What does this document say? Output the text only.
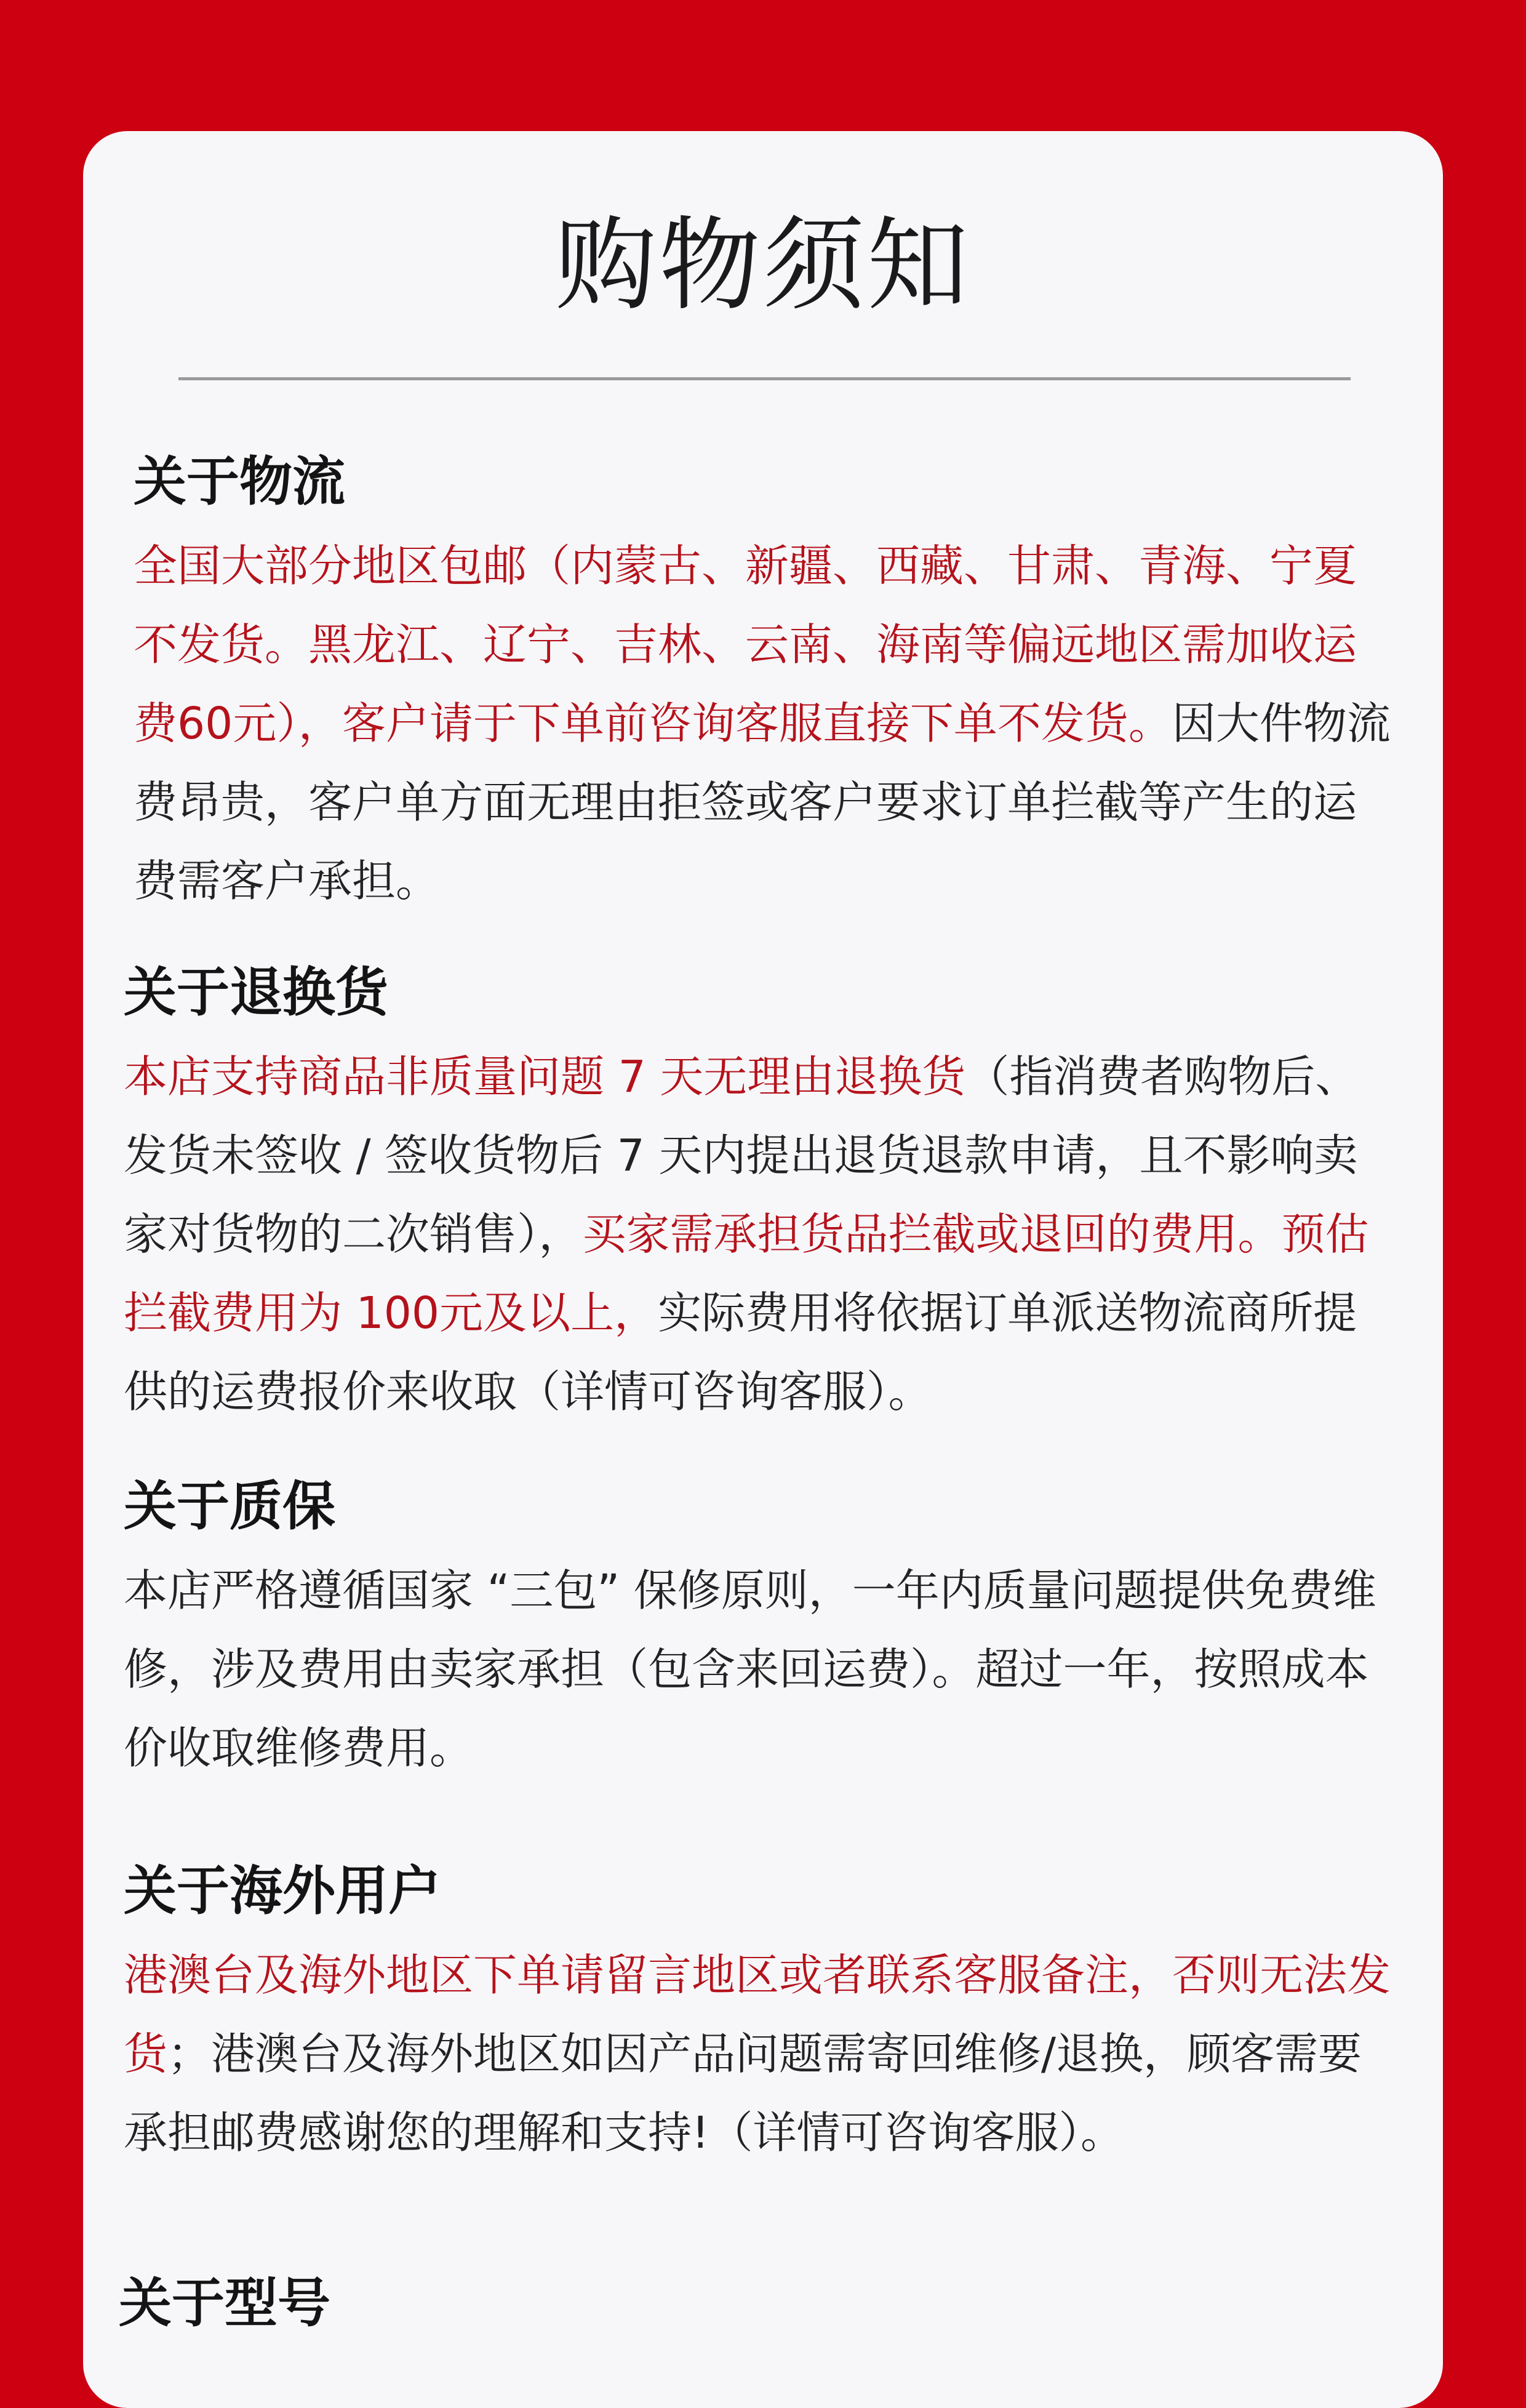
购物须知
关于物流

全国大部分地区包邮（内蒙古、新疆、西藏、甘肃、青海、宁夏不发货。黑龙江、辽宁、吉林、云南、海南等偏远地区需加收运费60元），客户请于下单前咨询客服直接下单不发货。因大件物流费昂贵，客户单方面无理由拒签或客户要求订单拦截等产生的运费需客户承担。

关于退换货

本店支持商品非质量问题 7 天无理由退换货（指消费者购物后、发货未签收 / 签收货物后 7 天内提出退货退款申请，且不影响卖家对货物的二次销售），买家需承担货品拦截或退回的费用。预估拦截费用为 100元及以上，实际费用将依据订单派送物流商所提供的运费报价来收取（详情可咨询客服）。

关于质保

本店严格遵循国家 “三包” 保修原则，一年内质量问题提供免费维修，涉及费用由卖家承担（包含来回运费）。超过一年，按照成本价收取维修费用。

关于海外用户

港澳台及海外地区下单请留言地区或者联系客服备注，否则无法发货；港澳台及海外地区如因产品问题需寄回维修/退换，顾客需要承担邮费感谢您的理解和支持!（详情可咨询客服）。

关于型号
